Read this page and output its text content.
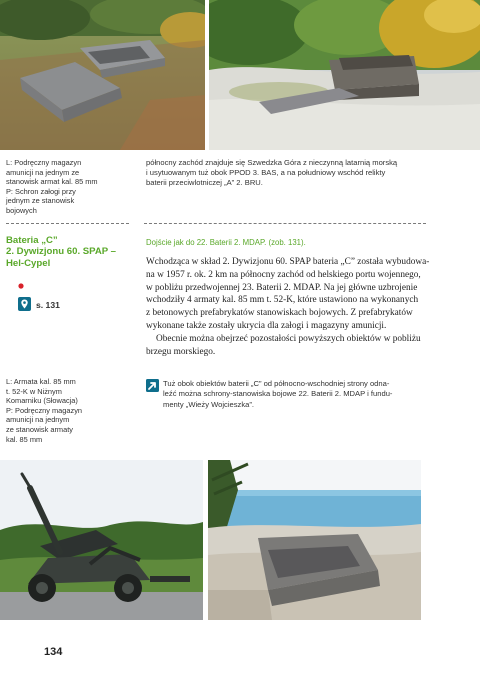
L: Podręczny magazyn
amunicji na jednym ze
stanowisk armat kal. 85 mm
P: Schron załogi przy
jednym ze stanowisk
bojowych
północny zachód znajduje się Szwedzka Góra z nieczynną latarnią morską
i usytuowanym tuż obok PPOD 3. BAS, a na południowy wschód relikty
baterii przeciwlotniczej „A” 2. BRU.
Bateria „C”
2. Dywizjonu 60. SPAP –
Hel-Cypel
s. 131
Dojście jak do 22. Baterii 2. MDAP. (zob. 131).
Wchodząca w skład 2. Dywizjonu 60. SPAP bateria „C” została wybudowa-
na w 1957 r. ok. 2 km na północny zachód od helskiego portu wojennego,
w pobliżu przedwojennej 23. Baterii 2. MDAP. Na jej główne uzbrojenie
wchodziły 4 armaty kal. 85 mm t. 52-K, które ustawiono na wykonanych
z betonowych prefabrykatów stanowiskach bojowych. Z prefabrykatów
wykonane także zostały ukrycia dla załogi i magazyny amunicji.
Obecnie można obejrzeć pozostałości powyższych obiektów w pobliżu
brzegu morskiego.
L: Armata kal. 85 mm
t. 52-K w Niżnym
Komarniku (Słowacja)
P: Podręczny magazyn
amunicji na jednym
ze stanowisk armaty
kal. 85 mm
Tuż obok obiektów baterii „C” od północno-wschodniej strony odna-
leźć można schrony-stanowiska bojowe 22. Baterii 2. MDAP i fundu-
menty „Wieży Wojcieszka”.
134
